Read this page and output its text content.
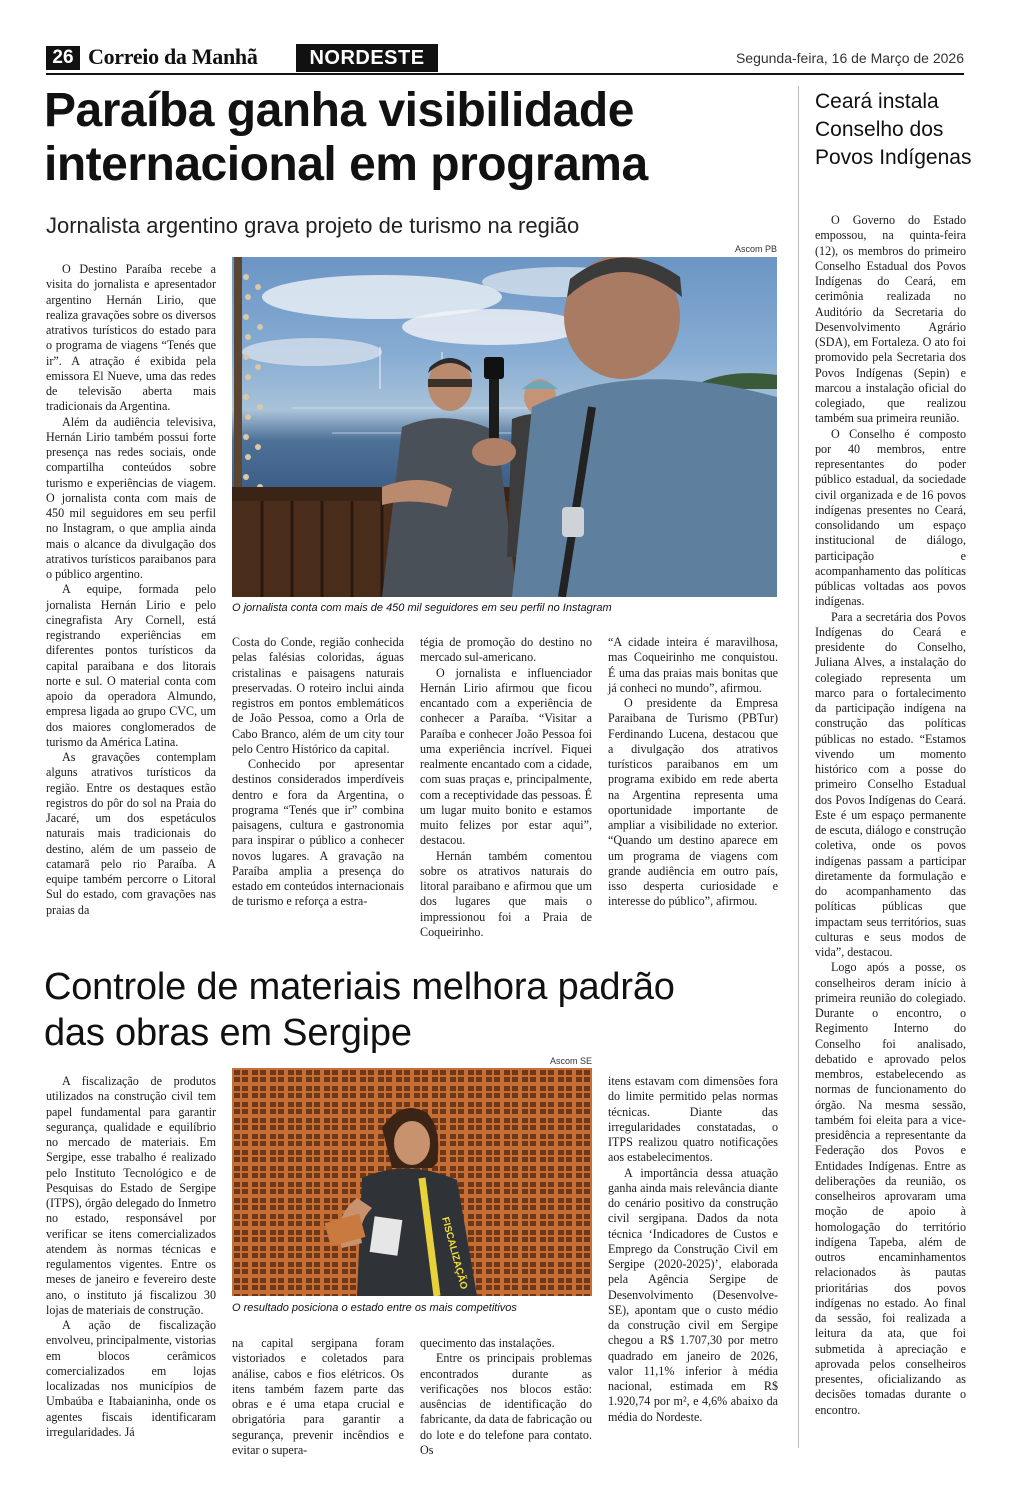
26 Correio da Manhã	NORDESTE	Segunda-feira, 16 de Março de 2026
Paraíba ganha visibilidade internacional em programa
Jornalista argentino grava projeto de turismo na região
Ascom PB
O jornalista conta com mais de 450 mil seguidores em seu perfil no Instagram

O Destino Paraíba recebe a visita do jornalista e apresentador argentino Hernán Lirio, que realiza gravações sobre os diversos atrativos turísticos do estado para o programa de viagens “Tenés que ir”. A atração é exibida pela emissora El Nueve, uma das redes de televisão aberta mais tradicionais da Argentina.

Além da audiência televisiva, Hernán Lirio também possui forte presença nas redes sociais, onde compartilha conteúdos sobre turismo e experiências de viagem. O jornalista conta com mais de 450 mil seguidores em seu perfil no Instagram, o que amplia ainda mais o alcance da divulgação dos atrativos turísticos paraibanos para o público argentino.

A equipe, formada pelo jornalista Hernán Lirio e pelo cinegrafista Ary Cornell, está registrando experiências em diferentes pontos turísticos da capital paraibana e dos litorais norte e sul. O material conta com apoio da operadora Almundo, empresa ligada ao grupo CVC, um dos maiores conglomerados de turismo da América Latina.

As gravações contemplam alguns atrativos turísticos da região. Entre os destaques estão registros do pôr do sol na Praia do Jacaré, um dos espetáculos naturais mais tradicionais do destino, além de um passeio de catamarã pelo rio Paraíba. A equipe também percorre o Litoral Sul do estado, com gravações nas praias da

Costa do Conde, região conhecida pelas falésias coloridas, águas cristalinas e paisagens naturais preservadas. O roteiro inclui ainda registros em pontos emblemáticos de João Pessoa, como a Orla de Cabo Branco, além de um city tour pelo Centro Histórico da capital.

Conhecido por apresentar destinos considerados imperdíveis dentro e fora da Argentina, o programa “Tenés que ir” combina paisagens, cultura e gastronomia para inspirar o público a conhecer novos lugares. A gravação na Paraíba amplia a presença do estado em conteúdos internacionais de turismo e reforça a estra-

tégia de promoção do destino no mercado sul-americano.

O jornalista e influenciador Hernán Lirio afirmou que ficou encantado com a experiência de conhecer a Paraíba. “Visitar a Paraíba e conhecer João Pessoa foi uma experiência incrível. Fiquei realmente encantado com a cidade, com suas praças e, principalmente, com a receptividade das pessoas. É um lugar muito bonito e estamos muito felizes por estar aqui”, destacou.

Hernán também comentou sobre os atrativos naturais do litoral paraibano e afirmou que um dos lugares que mais o impressionou foi a Praia de Coqueirinho.

“A cidade inteira é maravilhosa, mas Coqueirinho me conquistou. É uma das praias mais bonitas que já conheci no mundo”, afirmou.

O presidente da Empresa Paraibana de Turismo (PBTur) Ferdinando Lucena, destacou que a divulgação dos atrativos turísticos paraibanos em um programa exibido em rede aberta na Argentina representa uma oportunidade importante de ampliar a visibilidade no exterior. “Quando um destino aparece em um programa de viagens com grande audiência em outro país, isso desperta curiosidade e interesse do público”, afirmou.

Controle de materiais melhora padrão das obras em Sergipe
Ascom SE
FISCALIZAÇÃO
O resultado posiciona o estado entre os mais competitivos

A fiscalização de produtos utilizados na construção civil tem papel fundamental para garantir segurança, qualidade e equilíbrio no mercado de materiais. Em Sergipe, esse trabalho é realizado pelo Instituto Tecnológico e de Pesquisas do Estado de Sergipe (ITPS), órgão delegado do Inmetro no estado, responsável por verificar se itens comercializados atendem às normas técnicas e regulamentos vigentes. Entre os meses de janeiro e fevereiro deste ano, o instituto já fiscalizou 30 lojas de materiais de construção.

A ação de fiscalização envolveu, principalmente, vistorias em blocos cerâmicos comercializados em lojas localizadas nos municípios de Umbaúba e Itabaianinha, onde os agentes fiscais identificaram irregularidades. Já

na capital sergipana foram vistoriados e coletados para análise, cabos e fios elétricos. Os itens também fazem parte das obras e é uma etapa crucial e obrigatória para garantir a segurança, prevenir incêndios e evitar o supera-

quecimento das instalações.

Entre os principais problemas encontrados durante as verificações nos blocos estão: ausências de identificação do fabricante, da data de fabricação ou do lote e do telefone para contato. Os

itens estavam com dimensões fora do limite permitido pelas normas técnicas. Diante das irregularidades constatadas, o ITPS realizou quatro notificações aos estabelecimentos.

A importância dessa atuação ganha ainda mais relevância diante do cenário positivo da construção civil sergipana. Dados da nota técnica ‘Indicadores de Custos e Emprego da Construção Civil em Sergipe (2020-2025)’, elaborada pela Agência Sergipe de Desenvolvimento (Desenvolve-SE), apontam que o custo médio da construção civil em Sergipe chegou a R$ 1.707,30 por metro quadrado em janeiro de 2026, valor 11,1% inferior à média nacional, estimada em R$ 1.920,74 por m², e 4,6% abaixo da média do Nordeste.

Ceará instala Conselho dos Povos Indígenas

O Governo do Estado empossou, na quinta-feira (12), os membros do primeiro Conselho Estadual dos Povos Indígenas do Ceará, em cerimônia realizada no Auditório da Secretaria do Desenvolvimento Agrário (SDA), em Fortaleza. O ato foi promovido pela Secretaria dos Povos Indígenas (Sepin) e marcou a instalação oficial do colegiado, que realizou também sua primeira reunião.

O Conselho é composto por 40 membros, entre representantes do poder público estadual, da sociedade civil organizada e de 16 povos indígenas presentes no Ceará, consolidando um espaço institucional de diálogo, participação e acompanhamento das políticas públicas voltadas aos povos indígenas.

Para a secretária dos Povos Indígenas do Ceará e presidente do Conselho, Juliana Alves, a instalação do colegiado representa um marco para o fortalecimento da participação indígena na construção das políticas públicas no estado. “Estamos vivendo um momento histórico com a posse do primeiro Conselho Estadual dos Povos Indígenas do Ceará. Este é um espaço permanente de escuta, diálogo e construção coletiva, onde os povos indígenas passam a participar diretamente da formulação e do acompanhamento das políticas públicas que impactam seus territórios, suas culturas e seus modos de vida”, destacou.

Logo após a posse, os conselheiros deram início à primeira reunião do colegiado. Durante o encontro, o Regimento Interno do Conselho foi analisado, debatido e aprovado pelos membros, estabelecendo as normas de funcionamento do órgão. Na mesma sessão, também foi eleita para a vice-presidência a representante da Federação dos Povos e Entidades Indígenas. Entre as deliberações da reunião, os conselheiros aprovaram uma moção de apoio à homologação do território indígena Tapeba, além de outros encaminhamentos relacionados às pautas prioritárias dos povos indígenas no estado. Ao final da sessão, foi realizada a leitura da ata, que foi submetida à apreciação e aprovada pelos conselheiros presentes, oficializando as decisões tomadas durante o encontro.
